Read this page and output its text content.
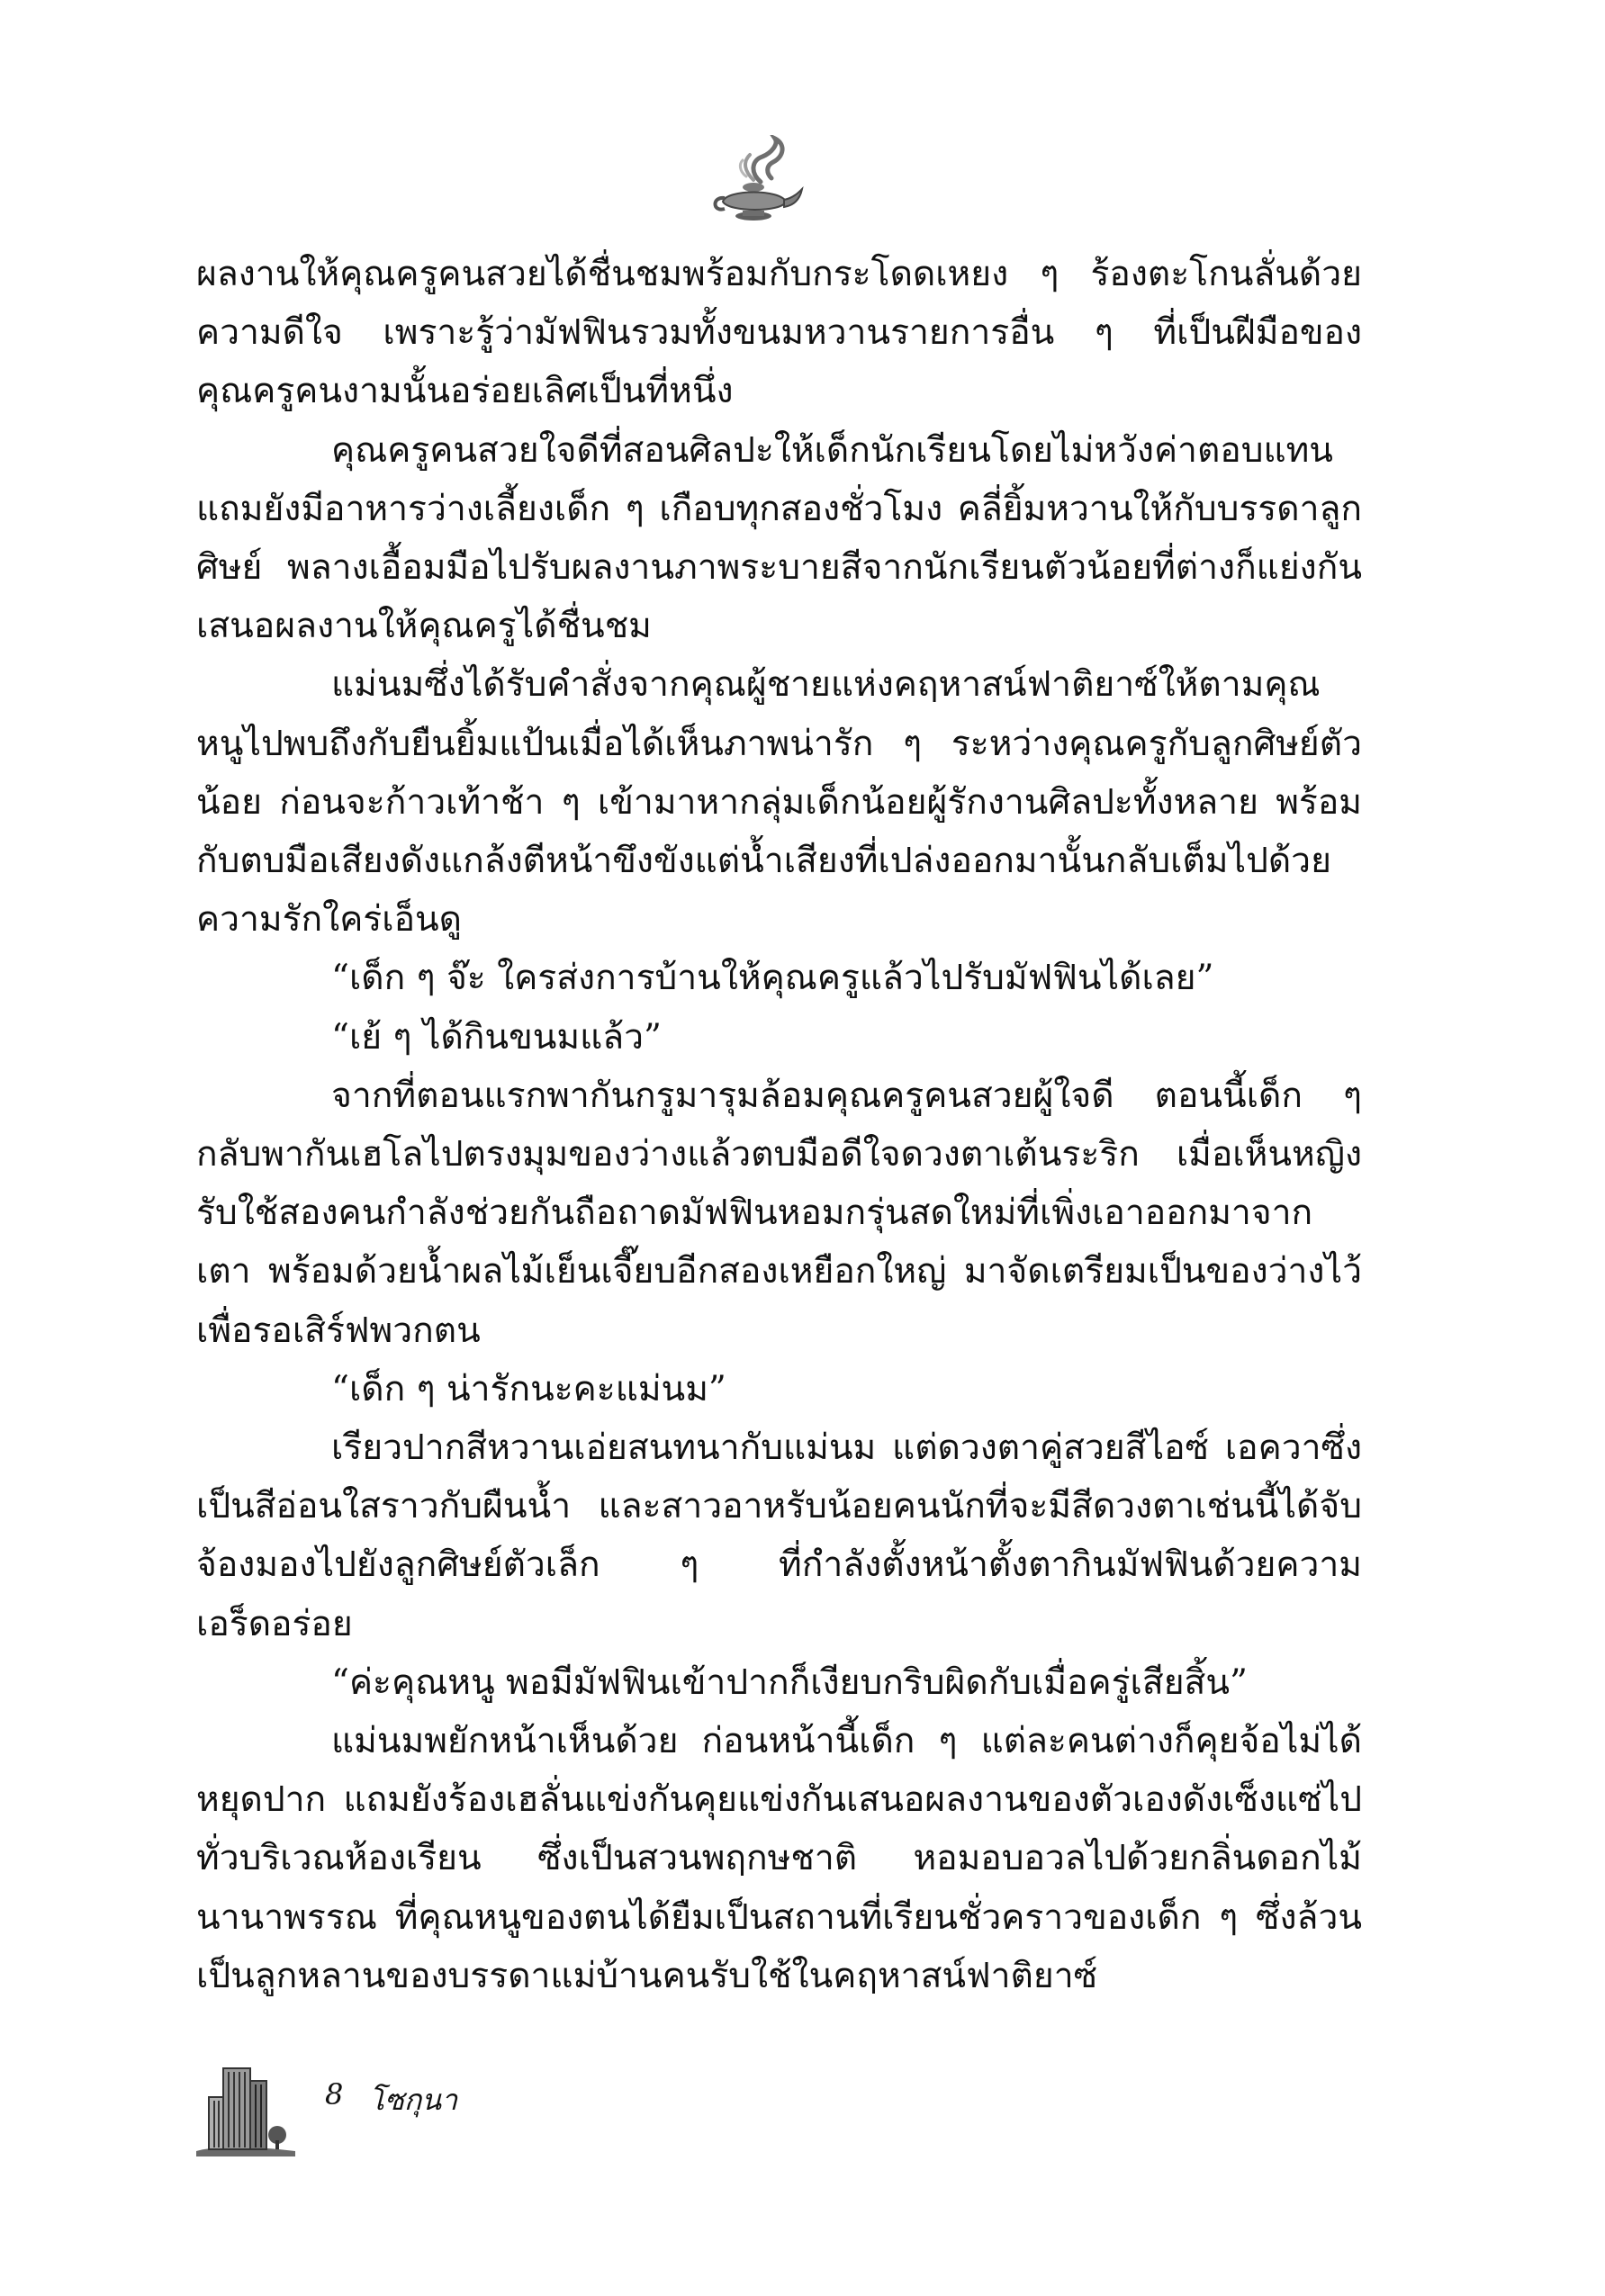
ผลงานให้คุณครูคนสวยได้ชื่นชมพร้อมกับกระโดดเหยง ๆ ร้องตะโกนลั่นด้วยความดีใจ เพราะรู้ว่ามัฟฟินรวมทั้งขนมหวานรายการอื่น ๆ ที่เป็นฝีมือของคุณครูคนงามนั้นอร่อยเลิศเป็นที่หนึ่ง

คุณครูคนสวยใจดีที่สอนศิลปะให้เด็กนักเรียนโดยไม่หวังค่าตอบแทน แถมยังมีอาหารว่างเลี้ยงเด็ก ๆ เกือบทุกสองชั่วโมง คลี่ยิ้มหวานให้กับบรรดาลูกศิษย์ พลางเอื้อมมือไปรับผลงานภาพระบายสีจากนักเรียนตัวน้อยที่ต่างก็แย่งกันเสนอผลงานให้คุณครูได้ชื่นชม

แม่นมซึ่งได้รับคำสั่งจากคุณผู้ชายแห่งคฤหาสน์ฟาติยาซ์ให้ตามคุณหนูไปพบถึงกับยืนยิ้มแป้นเมื่อได้เห็นภาพน่ารัก ๆ ระหว่างคุณครูกับลูกศิษย์ตัวน้อย ก่อนจะก้าวเท้าช้า ๆ เข้ามาหากลุ่มเด็กน้อยผู้รักงานศิลปะทั้งหลาย พร้อมกับตบมือเสียงดังแกล้งตีหน้าขึงขังแต่น้ำเสียงที่เปล่งออกมานั้นกลับเต็มไปด้วยความรักใคร่เอ็นดู

“เด็ก ๆ จ๊ะ ใครส่งการบ้านให้คุณครูแล้วไปรับมัฟฟินได้เลย”

“เย้ ๆ ได้กินขนมแล้ว”

จากที่ตอนแรกพากันกรูมารุมล้อมคุณครูคนสวยผู้ใจดี ตอนนี้เด็ก ๆ กลับพากันเฮโลไปตรงมุมของว่างแล้วตบมือดีใจดวงตาเต้นระริก เมื่อเห็นหญิงรับใช้สองคนกำลังช่วยกันถือถาดมัฟฟินหอมกรุ่นสดใหม่ที่เพิ่งเอาออกมาจากเตา พร้อมด้วยน้ำผลไม้เย็นเจี๊ยบอีกสองเหยือกใหญ่ มาจัดเตรียมเป็นของว่างไว้เพื่อรอเสิร์ฟพวกตน

“เด็ก ๆ น่ารักนะคะแม่นม”

เรียวปากสีหวานเอ่ยสนทนากับแม่นม แต่ดวงตาคู่สวยสีไอซ์ เอควาซึ่งเป็นสีอ่อนใสราวกับผืนน้ำ และสาวอาหรับน้อยคนนักที่จะมีสีดวงตาเช่นนี้ได้จับจ้องมองไปยังลูกศิษย์ตัวเล็ก ๆ ที่กำลังตั้งหน้าตั้งตากินมัฟฟินด้วยความเอร็ดอร่อย

“ค่ะคุณหนู พอมีมัฟฟินเข้าปากก็เงียบกริบผิดกับเมื่อครู่เสียสิ้น”

แม่นมพยักหน้าเห็นด้วย ก่อนหน้านี้เด็ก ๆ แต่ละคนต่างก็คุยจ้อไม่ได้หยุดปาก แถมยังร้องเฮลั่นแข่งกันคุยแข่งกันเสนอผลงานของตัวเองดังเซ็งแซ่ไปทั่วบริเวณห้องเรียน ซึ่งเป็นสวนพฤกษชาติ หอมอบอวลไปด้วยกลิ่นดอกไม้นานาพรรณ ที่คุณหนูของตนได้ยืมเป็นสถานที่เรียนชั่วคราวของเด็ก ๆ ซึ่งล้วนเป็นลูกหลานของบรรดาแม่บ้านคนรับใช้ในคฤหาสน์ฟาติยาซ์

8 โซกุนา
